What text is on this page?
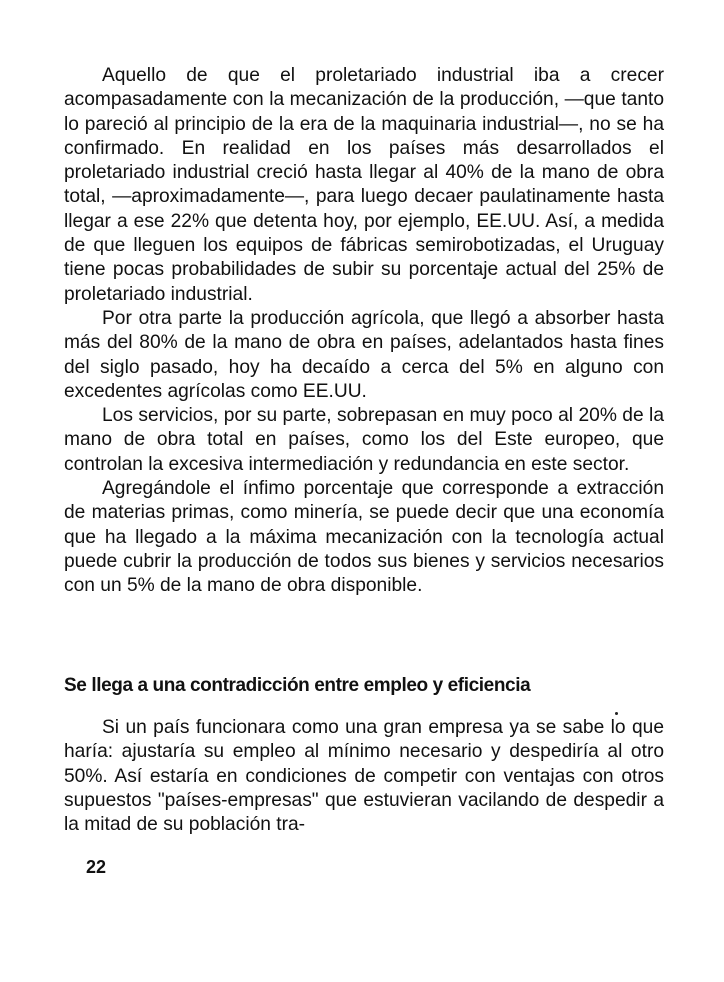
Aquello de que el proletariado industrial iba a crecer acompasadamente con la mecanización de la producción, —que tanto lo pareció al principio de la era de la maquinaria industrial—, no se ha confirmado. En realidad en los países más desarrollados el proletariado industrial creció hasta llegar al 40% de la mano de obra total, —aproximadamente—, para luego decaer paulatinamente hasta llegar a ese 22% que detenta hoy, por ejemplo, EE.UU. Así, a medida de que lleguen los equipos de fábricas semirobotizadas, el Uruguay tiene pocas probabilidades de subir su porcentaje actual del 25% de proletariado industrial.

Por otra parte la producción agrícola, que llegó a absorber hasta más del 80% de la mano de obra en países, adelantados hasta fines del siglo pasado, hoy ha decaído a cerca del 5% en alguno con excedentes agrícolas como EE.UU.

Los servicios, por su parte, sobrepasan en muy poco al 20% de la mano de obra total en países, como los del Este europeo, que controlan la excesiva intermediación y redundancia en este sector.

Agregándole el ínfimo porcentaje que corresponde a extracción de materias primas, como minería, se puede decir que una economía que ha llegado a la máxima mecanización con la tecnología actual puede cubrir la producción de todos sus bienes y servicios necesarios con un 5% de la mano de obra disponible.

Se llega a una contradicción entre empleo y eficiencia

Si un país funcionara como una gran empresa ya se sabe lo que haría: ajustaría su empleo al mínimo necesario y despediría al otro 50%. Así estaría en condiciones de competir con ventajas con otros supuestos "países-empresas" que estuvieran vacilando de despedir a la mitad de su población tra-

22
